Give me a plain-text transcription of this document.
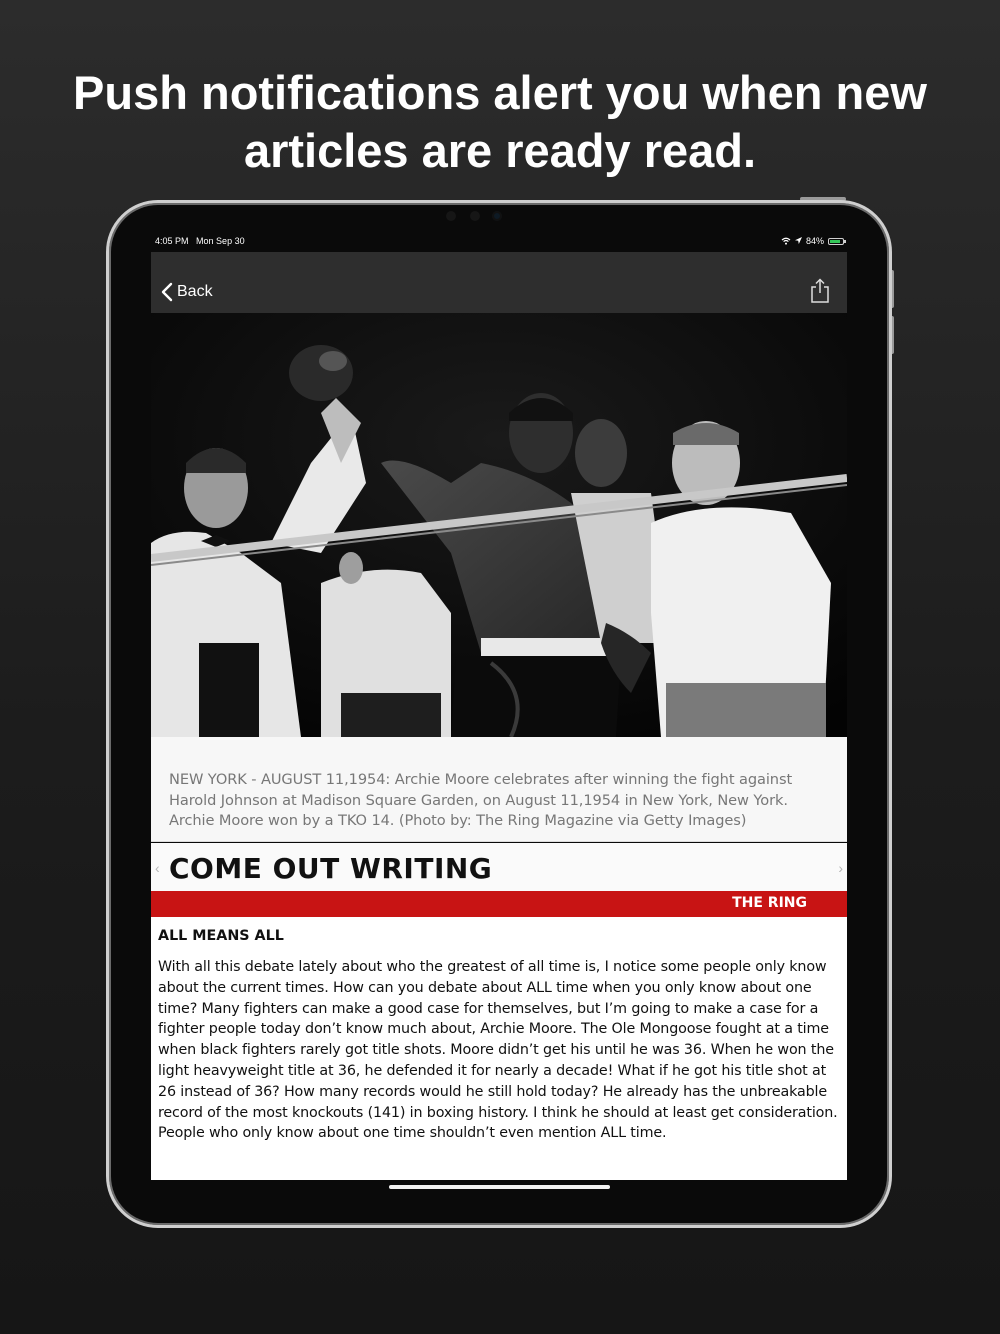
Push notifications alert you when new
articles are ready read.
4:05 PM Mon Sep 30	84%
Back
NEW YORK - AUGUST 11,1954: Archie Moore celebrates after winning the fight against Harold Johnson at Madison Square Garden, on August 11,1954 in New York, New York. Archie Moore won by a TKO 14. (Photo by: The Ring Magazine via Getty Images)
‹ COME OUT WRITING	›
THE RING

ALL MEANS ALL

With all this debate lately about who the greatest of all time is, I notice some people only know about the current times. How can you debate about ALL time when you only know about one time? Many fighters can make a good case for themselves, but I’m going to make a case for a fighter people today don’t know much about, Archie Moore. The Ole Mongoose fought at a time when black fighters rarely got title shots. Moore didn’t get his until he was 36. When he won the light heavyweight title at 36, he defended it for nearly a decade! What if he got his title shot at 26 instead of 36? How many records would he still hold today? He already has the unbreakable record of the most knockouts (141) in boxing history. I think he should at least get consideration. People who only know about one time shouldn’t even mention ALL time.
